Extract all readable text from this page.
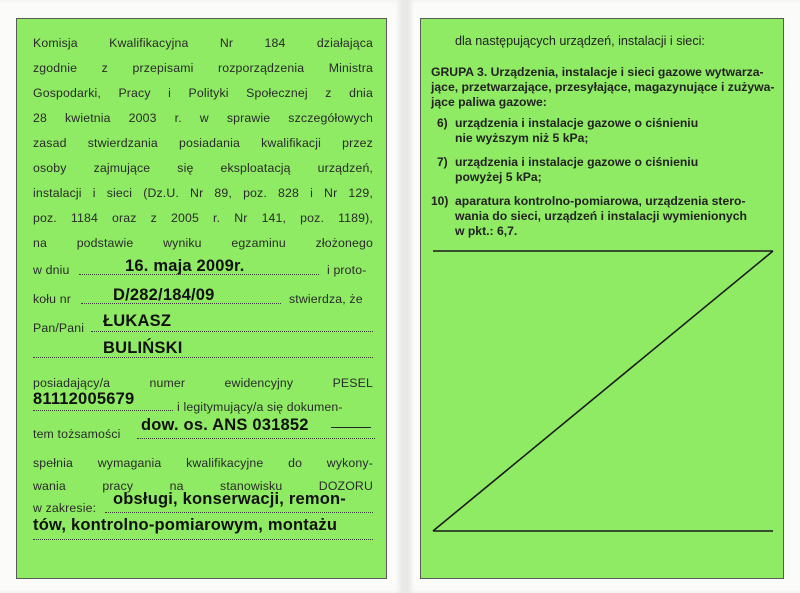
Komisja	Kwalifikacyjna	Nr	184	działająca
zgodnie z przepisami rozporządzenia Ministra
Gospodarki, Pracy i Polityki Społecznej z dnia
28 kwietnia 2003 r. w sprawie szczegółowych
zasad stwierdzania posiadania kwalifikacji przez
osoby zajmujące się eksploatacją urządzeń,
instalacji i sieci (Dz.U. Nr 89, poz. 828 i Nr 129,
poz. 1184 oraz z 2005 r. Nr 141, poz. 1189),
na podstawie wyniku egzaminu złożonego
w dniu	16. maja 2009r.	i proto-
kołu nr	D/282/184/09	stwierdza, że
Pan/Pani ŁUKASZ
BULIŃSKI
posiadający/a	numer	ewidencyjny	PESEL
81112005679	i legitymujący/a się dokumen-
tem tożsamości dow. os. ANS 031852
spełnia wymagania kwalifikacyjne do wykony-
wania	pracy	na	stanowisku	DOZORU
w zakresie: obsługi, konserwacji, remon-
tów, kontrolno-pomiarowym, montażu
dla następujących urządzeń, instalacji i sieci:
GRUPA 3. Urządzenia, instalacje i sieci gazowe wytwarza-
jące, przetwarzające, przesyłające, magazynujące i zużywa-
jące paliwa gazowe:
6) urządzenia i instalacje gazowe o ciśnieniu
nie wyższym niż 5 kPa;
7) urządzenia i instalacje gazowe o ciśnieniu
powyżej 5 kPa;
10) aparatura kontrolno-pomiarowa, urządzenia stero-
wania do sieci, urządzeń i instalacji wymienionych
w pkt.: 6,7.
